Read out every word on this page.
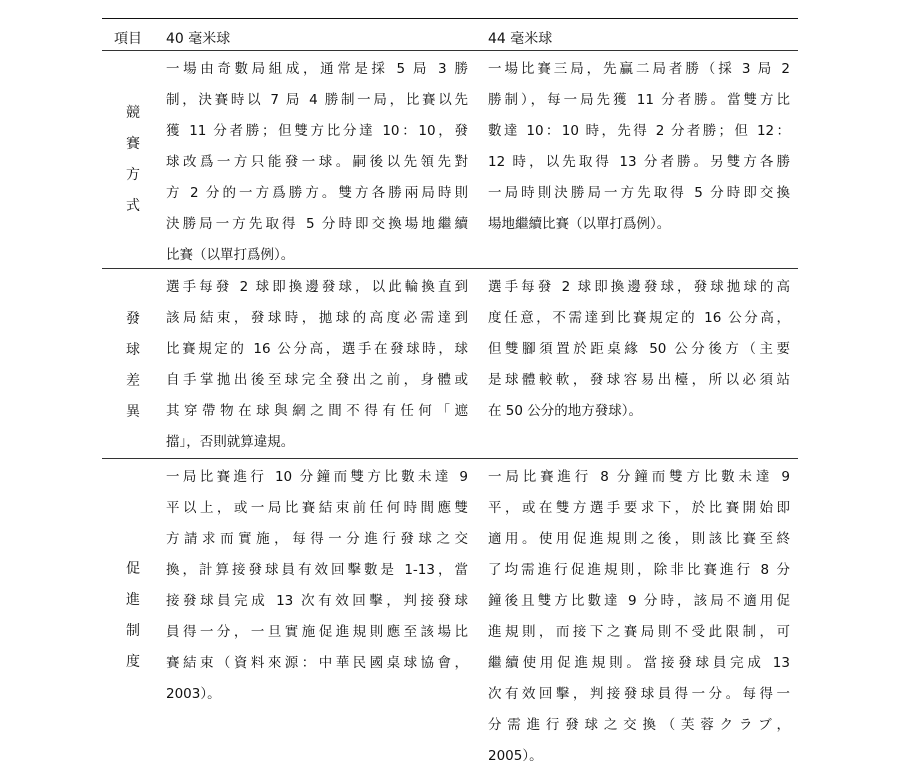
項目 40 毫米球	44 毫米球
競
賽
方
式
一場由奇數局組成，通常是採 5 局 3 勝
制，決賽時以 7 局 4 勝制一局，比賽以先
獲 11 分者勝；但雙方比分達 10：10，發
球改爲一方只能發一球。嗣後以先領先對
方 2 分的一方爲勝方。雙方各勝兩局時則
決勝局一方先取得 5 分時即交換場地繼續
比賽（以單打爲例）。
一場比賽三局，先贏二局者勝（採 3 局 2
勝制），每一局先獲 11 分者勝。當雙方比
數達 10：10 時，先得 2 分者勝；但 12：
12 時，以先取得 13 分者勝。另雙方各勝
一局時則決勝局一方先取得 5 分時即交換
場地繼續比賽（以單打爲例）。
發
球
差
異
選手每發 2 球即換邊發球，以此輪換直到
該局結束，發球時，拋球的高度必需達到
比賽規定的 16 公分高，選手在發球時，球
自手掌拋出後至球完全發出之前，身體或
其穿帶物在球與網之間不得有任何「遮
擋」，否則就算違規。
選手每發 2 球即換邊發球，發球拋球的高
度任意，不需達到比賽規定的 16 公分高，
但雙腳須置於距桌緣 50 公分後方（主要
是球體較軟，發球容易出檯，所以必須站
在 50 公分的地方發球）。
促
進
制
度
一局比賽進行 10 分鐘而雙方比數未達 9
平以上，或一局比賽結束前任何時間應雙
方請求而實施，每得一分進行發球之交
換，計算接發球員有效回擊數是 1-13，當
接發球員完成 13 次有效回擊，判接發球
員得一分，一旦實施促進規則應至該場比
賽結束（資料來源：中華民國桌球協會，
2003）。
一局比賽進行 8 分鐘而雙方比數未達 9
平，或在雙方選手要求下，於比賽開始即
適用。使用促進規則之後，則該比賽至終
了均需進行促進規則，除非比賽進行 8 分
鐘後且雙方比數達 9 分時，該局不適用促
進規則，而接下之賽局則不受此限制，可
繼續使用促進規則。當接發球員完成 13
次有效回擊，判接發球員得一分。每得一
分需進行發球之交換（芙蓉クラブ，
2005）。
